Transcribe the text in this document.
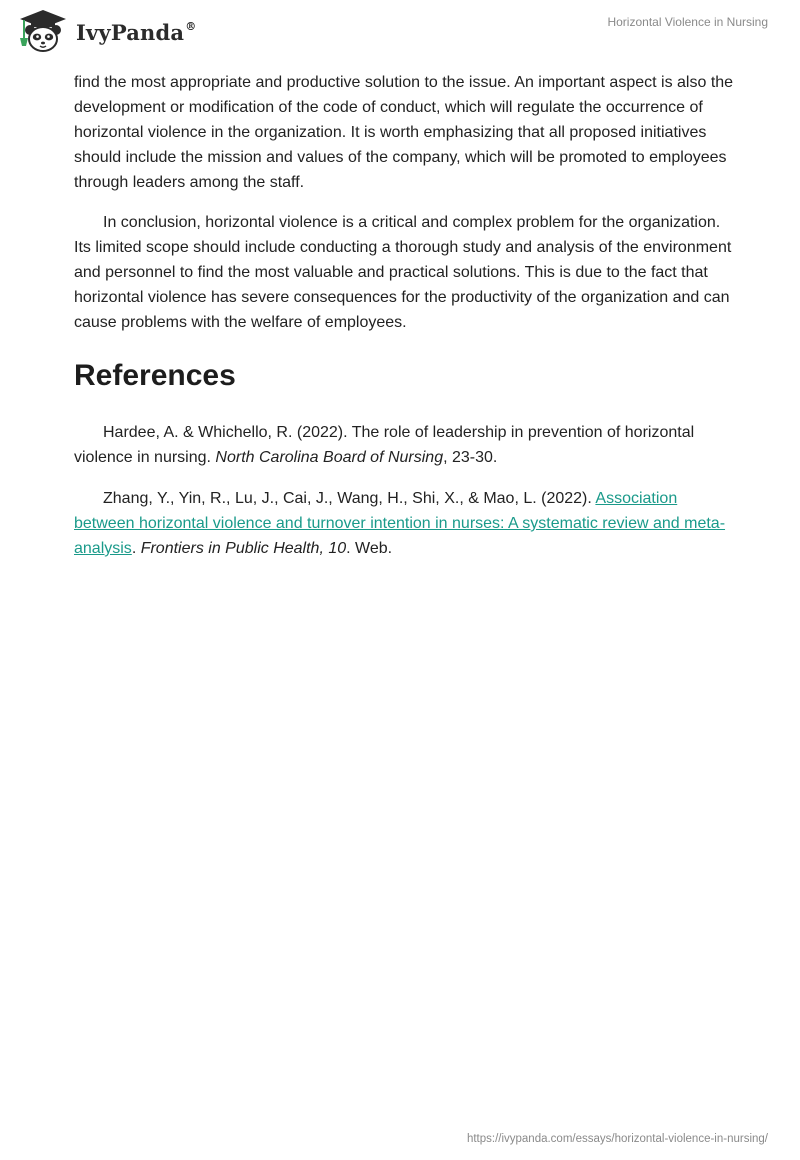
IvyPanda®	Horizontal Violence in Nursing

find the most appropriate and productive solution to the issue. An important aspect is also the development or modification of the code of conduct, which will regulate the occurrence of horizontal violence in the organization. It is worth emphasizing that all proposed initiatives should include the mission and values of the company, which will be promoted to employees through leaders among the staff.

In conclusion, horizontal violence is a critical and complex problem for the organization. Its limited scope should include conducting a thorough study and analysis of the environment and personnel to find the most valuable and practical solutions. This is due to the fact that horizontal violence has severe consequences for the productivity of the organization and can cause problems with the welfare of employees.

References

Hardee, A. & Whichello, R. (2022). The role of leadership in prevention of horizontal violence in nursing. North Carolina Board of Nursing, 23-30.

Zhang, Y., Yin, R., Lu, J., Cai, J., Wang, H., Shi, X., & Mao, L. (2022). Association between horizontal violence and turnover intention in nurses: A systematic review and meta-analysis. Frontiers in Public Health, 10. Web.

https://ivypanda.com/essays/horizontal-violence-in-nursing/
